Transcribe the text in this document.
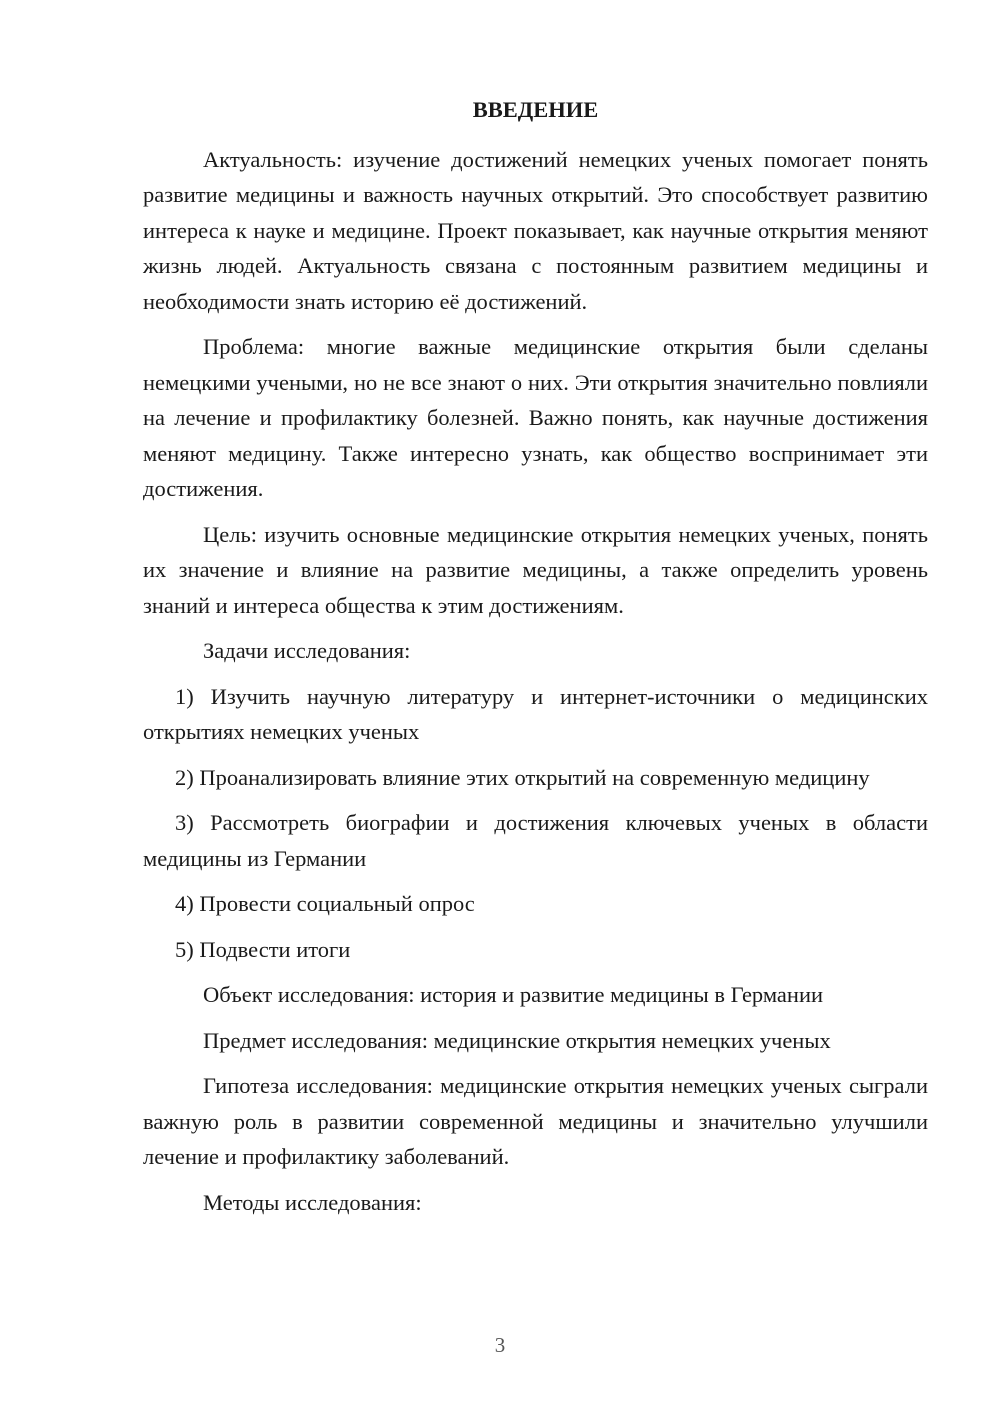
ВВЕДЕНИЕ

Актуальность: изучение достижений немецких ученых помогает понять развитие медицины и важность научных открытий. Это способствует развитию интереса к науке и медицине. Проект показывает, как научные открытия меняют жизнь людей. Актуальность связана с постоянным развитием медицины и необходимости знать историю её достижений.

Проблема: многие важные медицинские открытия были сделаны немецкими учеными, но не все знают о них. Эти открытия значительно повлияли на лечение и профилактику болезней. Важно понять, как научные достижения меняют медицину. Также интересно узнать, как общество воспринимает эти достижения.

Цель: изучить основные медицинские открытия немецких ученых, понять их значение и влияние на развитие медицины, а также определить уровень знаний и интереса общества к этим достижениям.

Задачи исследования:

1) Изучить научную литературу и интернет-источники о медицинских открытиях немецких ученых

2) Проанализировать влияние этих открытий на современную медицину

3) Рассмотреть биографии и достижения ключевых ученых в области медицины из Германии

4) Провести социальный опрос

5) Подвести итоги

Объект исследования: история и развитие медицины в Германии

Предмет исследования: медицинские открытия немецких ученых

Гипотеза исследования: медицинские открытия немецких ученых сыграли важную роль в развитии современной медицины и значительно улучшили лечение и профилактику заболеваний.

Методы исследования:

3
